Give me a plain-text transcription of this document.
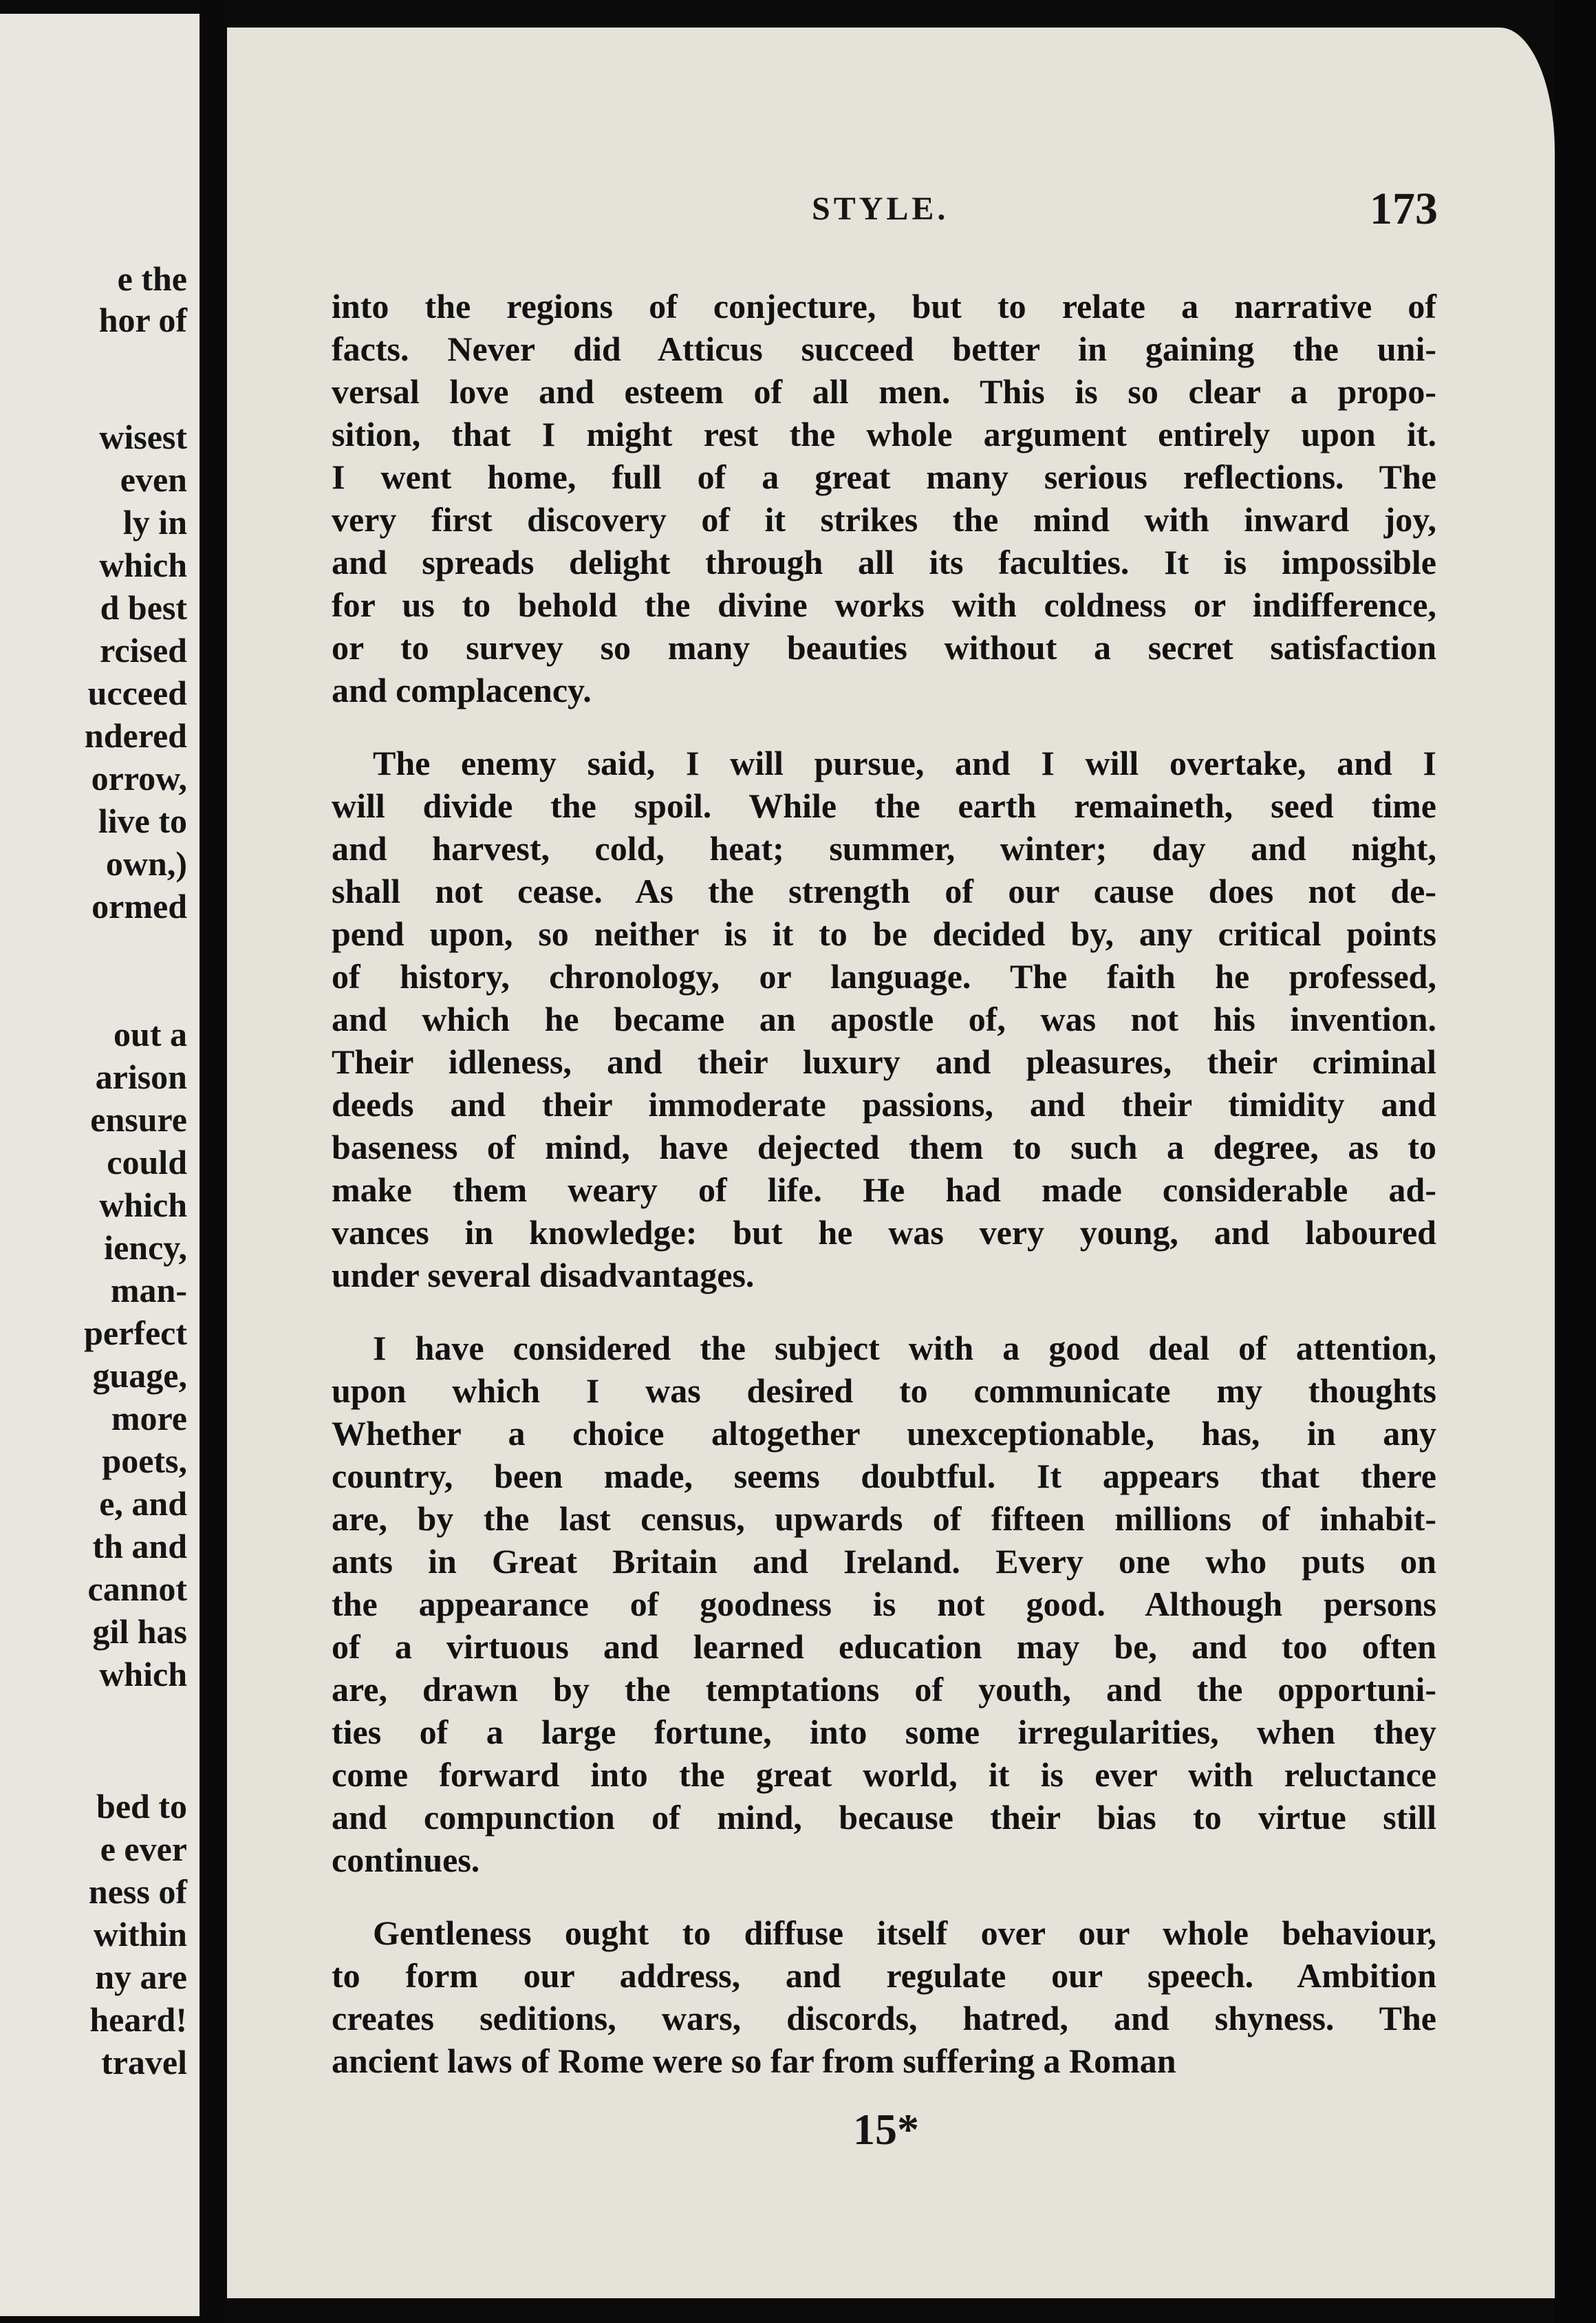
e the
hor of
wisest
even
ly in
which
d best
rcised
ucceed
ndered
orrow,
live to
own,)
ormed
out a
arison
ensure
could
which
iency,
man-
perfect
guage,
more
poets,
e, and
th and
cannot
gil has
which
bed to
e ever
ness of
within
ny are
heard!
travel
STYLE.	173
into the regions of conjecture, but to relate a narrative of
facts. Never did Atticus succeed better in gaining the uni-
versal love and esteem of all men. This is so clear a propo-
sition, that I might rest the whole argument entirely upon it.
I went home, full of a great many serious reflections. The
very first discovery of it strikes the mind with inward joy,
and spreads delight through all its faculties. It is impossible
for us to behold the divine works with coldness or indifference,
or to survey so many beauties without a secret satisfaction
and complacency.
The enemy said, I will pursue, and I will overtake, and I
will divide the spoil. While the earth remaineth, seed time
and harvest, cold, heat; summer, winter; day and night,
shall not cease. As the strength of our cause does not de-
pend upon, so neither is it to be decided by, any critical points
of history, chronology, or language. The faith he professed,
and which he became an apostle of, was not his invention.
Their idleness, and their luxury and pleasures, their criminal
deeds and their immoderate passions, and their timidity and
baseness of mind, have dejected them to such a degree, as to
make them weary of life. He had made considerable ad-
vances in knowledge: but he was very young, and laboured
under several disadvantages.
I have considered the subject with a good deal of attention,
upon which I was desired to communicate my thoughts
Whether a choice altogether unexceptionable, has, in any
country, been made, seems doubtful. It appears that there
are, by the last census, upwards of fifteen millions of inhabit-
ants in Great Britain and Ireland. Every one who puts on
the appearance of goodness is not good. Although persons
of a virtuous and learned education may be, and too often
are, drawn by the temptations of youth, and the opportuni-
ties of a large fortune, into some irregularities, when they
come forward into the great world, it is ever with reluctance
and compunction of mind, because their bias to virtue still
continues.
Gentleness ought to diffuse itself over our whole behaviour,
to form our address, and regulate our speech. Ambition
creates seditions, wars, discords, hatred, and shyness. The
ancient laws of Rome were so far from suffering a Roman
15*
